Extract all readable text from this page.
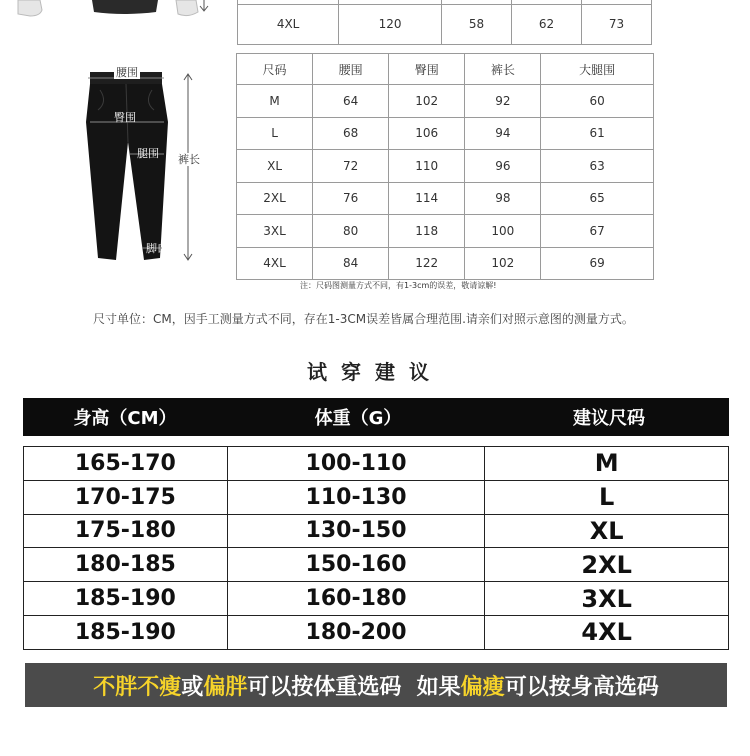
4XL	120	58	62	73
腰围
臀围
腿围 裤长
脚口
尺码	腰围	臀围	裤长	大腿围
M	64	102	92	60
L	68	106	94	61
XL	72	110	96	63
2XL	76	114	98	65
3XL	80	118	100	67
4XL	84	122	102	69
注：尺码图测量方式不同，有1-3cm的误差，敬请谅解!
尺寸单位：CM，因手工测量方式不同，存在1-3CM误差皆属合理范围.请亲们对照示意图的测量方式。
试穿建议
身高（CM）	体重（G）	建议尺码
165-170	100-110	M
170-175	110-130	L
175-180	130-150	XL
180-185	150-160	2XL
185-190	160-180	3XL
185-190	180-200	4XL
不胖不瘦 或 偏胖 可以按体重选码  如果 偏瘦 可以按身高选码
